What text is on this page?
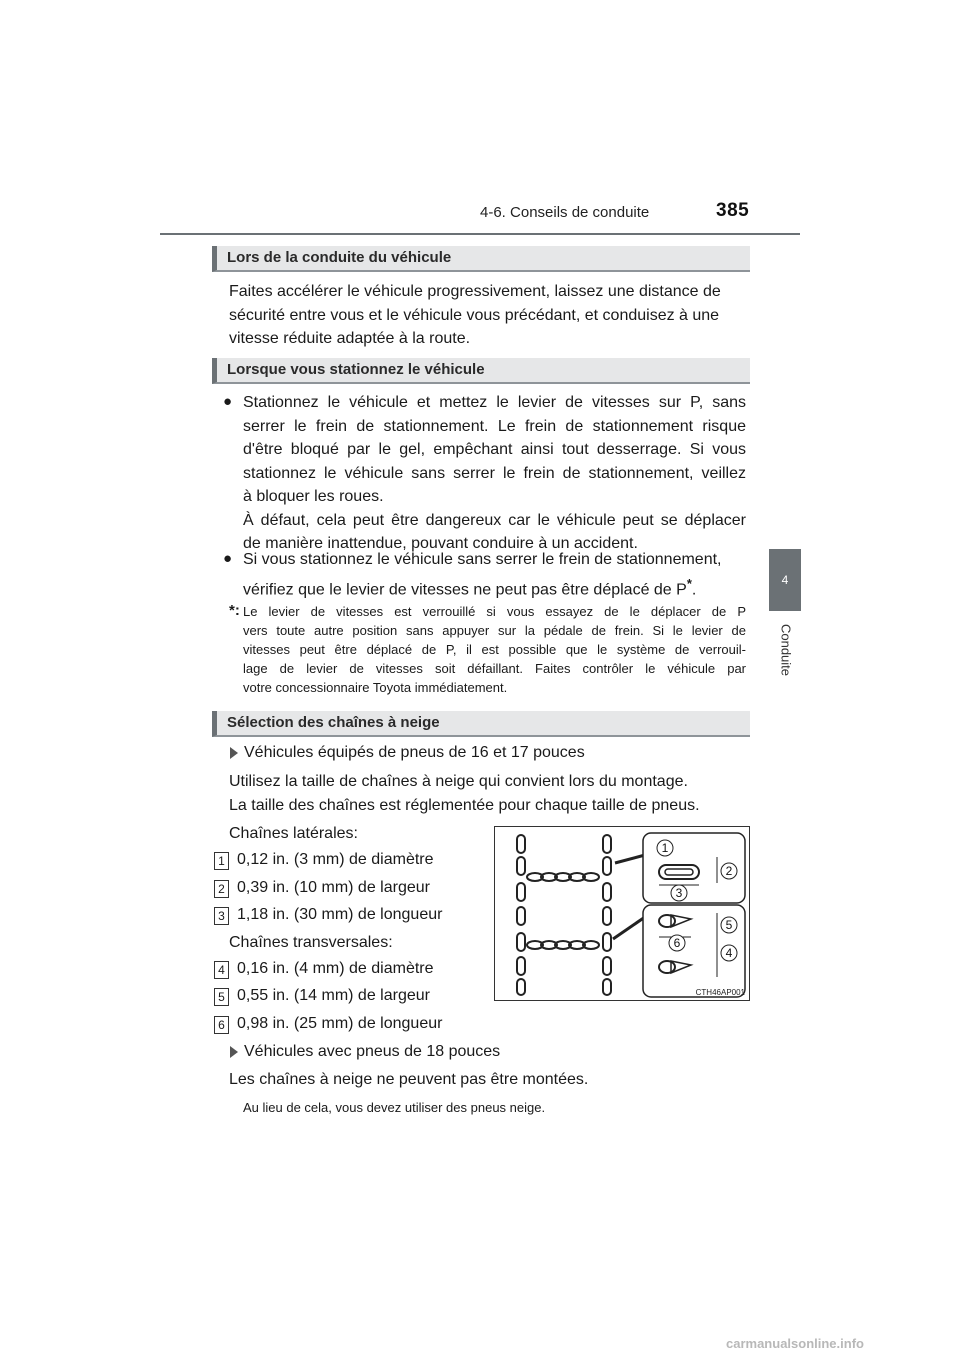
4-6. Conseils de conduite	385
4
Conduite
Lors de la conduite du véhicule
Faites accélérer le véhicule progressivement, laissez une distance de
sécurité entre vous et le véhicule vous précédant, et conduisez à une
vitesse réduite adaptée à la route.
Lorsque vous stationnez le véhicule
● Stationnez le véhicule et mettez le levier de vitesses sur P, sans
serrer le frein de stationnement. Le frein de stationnement risque
d'être bloqué par le gel, empêchant ainsi tout desserrage. Si vous
stationnez le véhicule sans serrer le frein de stationnement, veillez
à bloquer les roues.
À défaut, cela peut être dangereux car le véhicule peut se déplacer
de manière inattendue, pouvant conduire à un accident.
● Si vous stationnez le véhicule sans serrer le frein de stationnement,
vérifiez que le levier de vitesses ne peut pas être déplacé de P*.
*: Le levier de vitesses est verrouillé si vous essayez de le déplacer de P
vers toute autre position sans appuyer sur la pédale de frein. Si le levier de
vitesses peut être déplacé de P, il est possible que le système de verrouil-
lage de levier de vitesses soit défaillant. Faites contrôler le véhicule par
votre concessionnaire Toyota immédiatement.
Sélection des chaînes à neige
Véhicules équipés de pneus de 16 et 17 pouces
Utilisez la taille de chaînes à neige qui convient lors du montage.
La taille des chaînes est réglementée pour chaque taille de pneus.
Chaînes latérales:
1 0,12 in. (3 mm) de diamètre
2 0,39 in. (10 mm) de largeur
3 1,18 in. (30 mm) de longueur
Chaînes transversales:
4 0,16 in. (4 mm) de diamètre
5 0,55 in. (14 mm) de largeur
6 0,98 in. (25 mm) de longueur
Véhicules avec pneus de 18 pouces
Les chaînes à neige ne peuvent pas être montées.
Au lieu de cela, vous devez utiliser des pneus neige.
1
2
3
4
5
6
CTH46AP001
carmanualsonline.info
